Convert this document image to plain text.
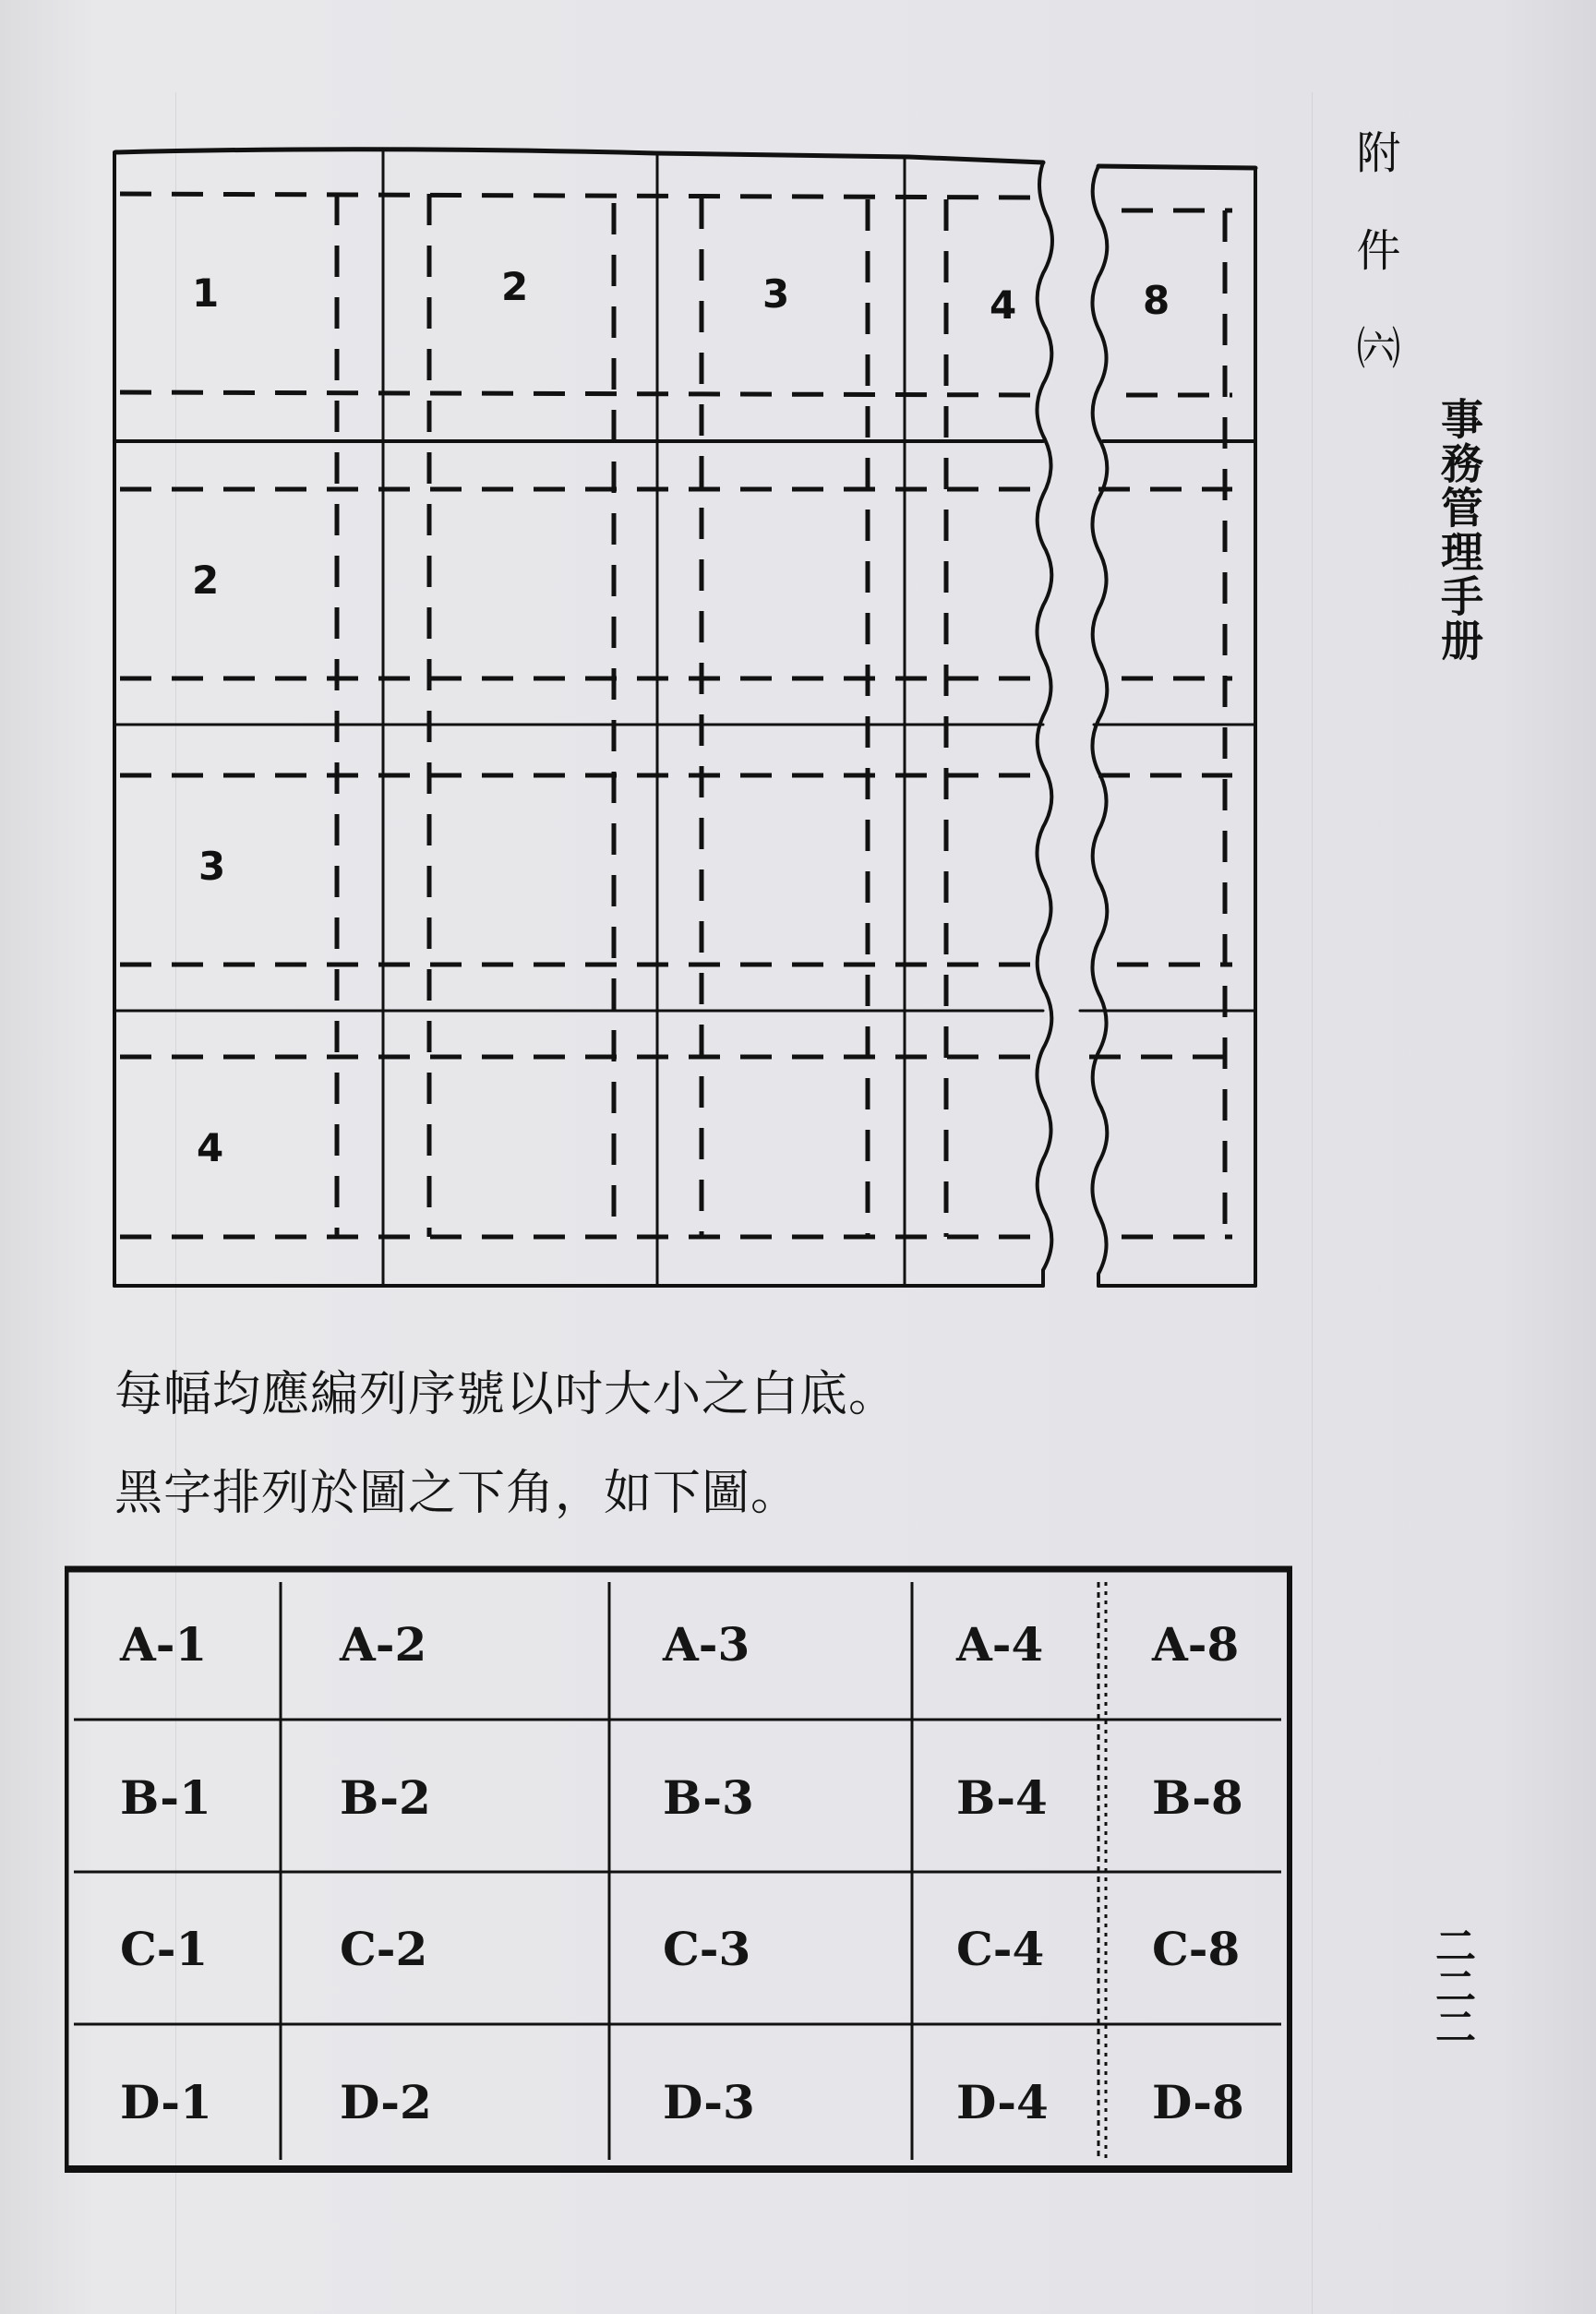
1	2	3	4	8
2
3
4
附件㈥
事務管理手册
二二二
每幅均應編列序號以吋大小之白底。
黑字排列於圖之下角，如下圖。
A-1	A-2	A-3	A-4 A-8
B-1	B-2	B-3	B-4 B-8
C-1	C-2	C-3	C-4 C-8
D-1	D-2	D-3	D-4 D-8
